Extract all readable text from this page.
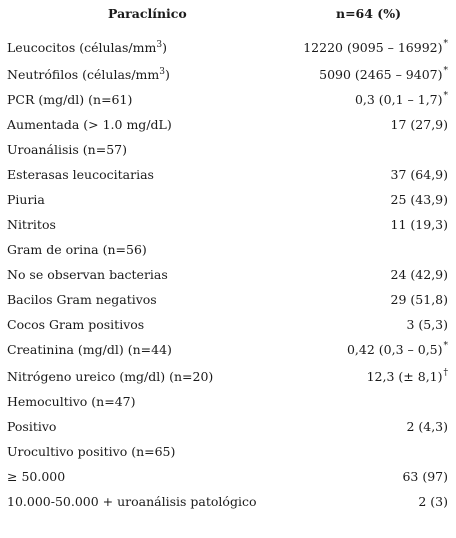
Paraclínico	n=64 (%)
Leucocitos $(células/mm^3)$	12220 (9095 – 16992)*
Neutrófilos $(células/mm^3)$	5090 (2465 – 9407)*
PCR (mg/dl) (n=61)	0,3 (0,1 – 1,7)*
Aumentada (> 1.0 mg/dL)	17 (27,9)
Uroanálisis (n=57)
Esterasas leucocitarias	37 (64,9)
Piuria	25 (43,9)
Nitritos	11 (19,3)
Gram de orina (n=56)
No se observan bacterias	24 (42,9)
Bacilos Gram negativos	29 (51,8)
Cocos Gram positivos	3 (5,3)
Creatinina (mg/dl) (n=44)	0,42 (0,3 – 0,5)*
Nitrógeno ureico (mg/dl) (n=20)	12,3 (± 8,1)†
Hemocultivo (n=47)
Positivo	2 (4,3)
Urocultivo positivo (n=65)
≥ 50.000	63 (97)
10.000-50.000 + uroanálisis patológico	2 (3)
